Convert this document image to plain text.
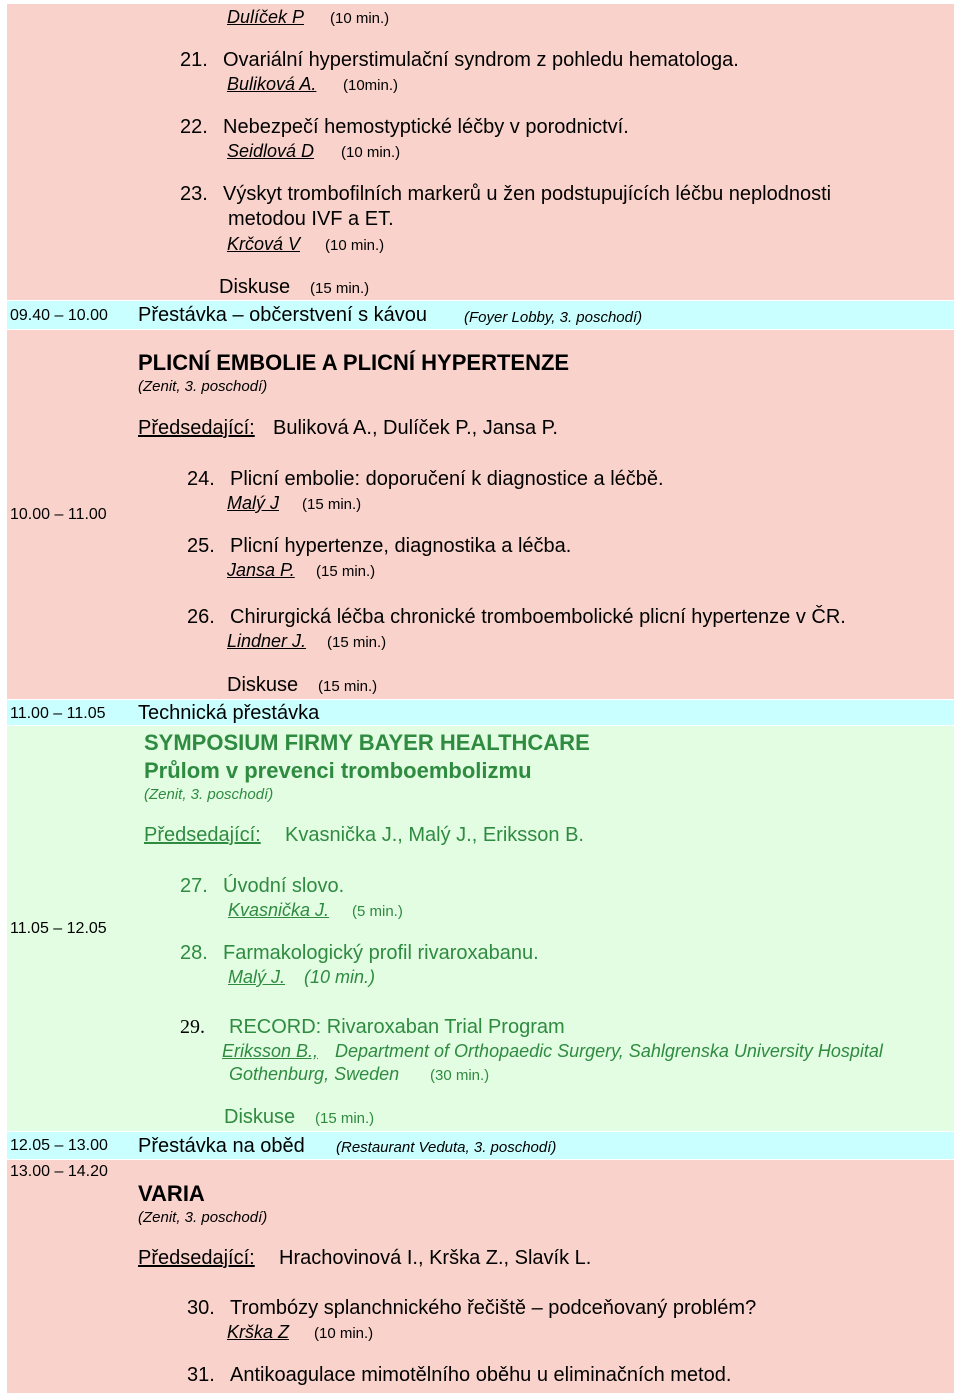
Dulíček P (10 min.)
21. Ovariální hyperstimulační syndrom z pohledu hematologa.
Buliková A. (10min.)
22. Nebezpečí hemostyptické léčby v porodnictví.
Seidlová D (10 min.)
23. Výskyt trombofilních markerů u žen podstupujících léčbu neplodnosti
metodou IVF a ET.
Krčová V (10 min.)
Diskuse (15 min.)
09.40 – 10.00 Přestávka – občerstvení s kávou (Foyer Lobby, 3. poschodí)
PLICNÍ EMBOLIE A PLICNÍ HYPERTENZE
(Zenit, 3. poschodí)
Předsedající: Buliková A., Dulíček P., Jansa P.
10.00 – 11.00
24. Plicní embolie: doporučení k diagnostice a léčbě.
Malý J (15 min.)
25. Plicní hypertenze, diagnostika a léčba.
Jansa P. (15 min.)
26. Chirurgická léčba chronické tromboembolické plicní hypertenze v ČR.
Lindner J. (15 min.)
Diskuse (15 min.)
11.00 – 11.05 Technická přestávka
SYMPOSIUM FIRMY BAYER HEALTHCARE
Průlom v prevenci tromboembolizmu
(Zenit, 3. poschodí)
Předsedající: Kvasnička J., Malý J., Eriksson B.
11.05 – 12.05
27. Úvodní slovo.
Kvasnička J. (5 min.)
28. Farmakologický profil rivaroxabanu.
Malý J. (10 min.)
29. RECORD: Rivaroxaban Trial Program
Eriksson B., Department of Orthopaedic Surgery, Sahlgrenska University Hospital
Gothenburg, Sweden (30 min.)
Diskuse (15 min.)
12.05 – 13.00 Přestávka na oběd (Restaurant Veduta, 3. poschodí)
13.00 – 14.20
VARIA
(Zenit, 3. poschodí)
Předsedající: Hrachovinová I., Krška Z., Slavík L.
30. Trombózy splanchnického řečiště – podceňovaný problém?
Krška Z (10 min.)
31. Antikoagulace mimotělního oběhu u eliminačních metod.
